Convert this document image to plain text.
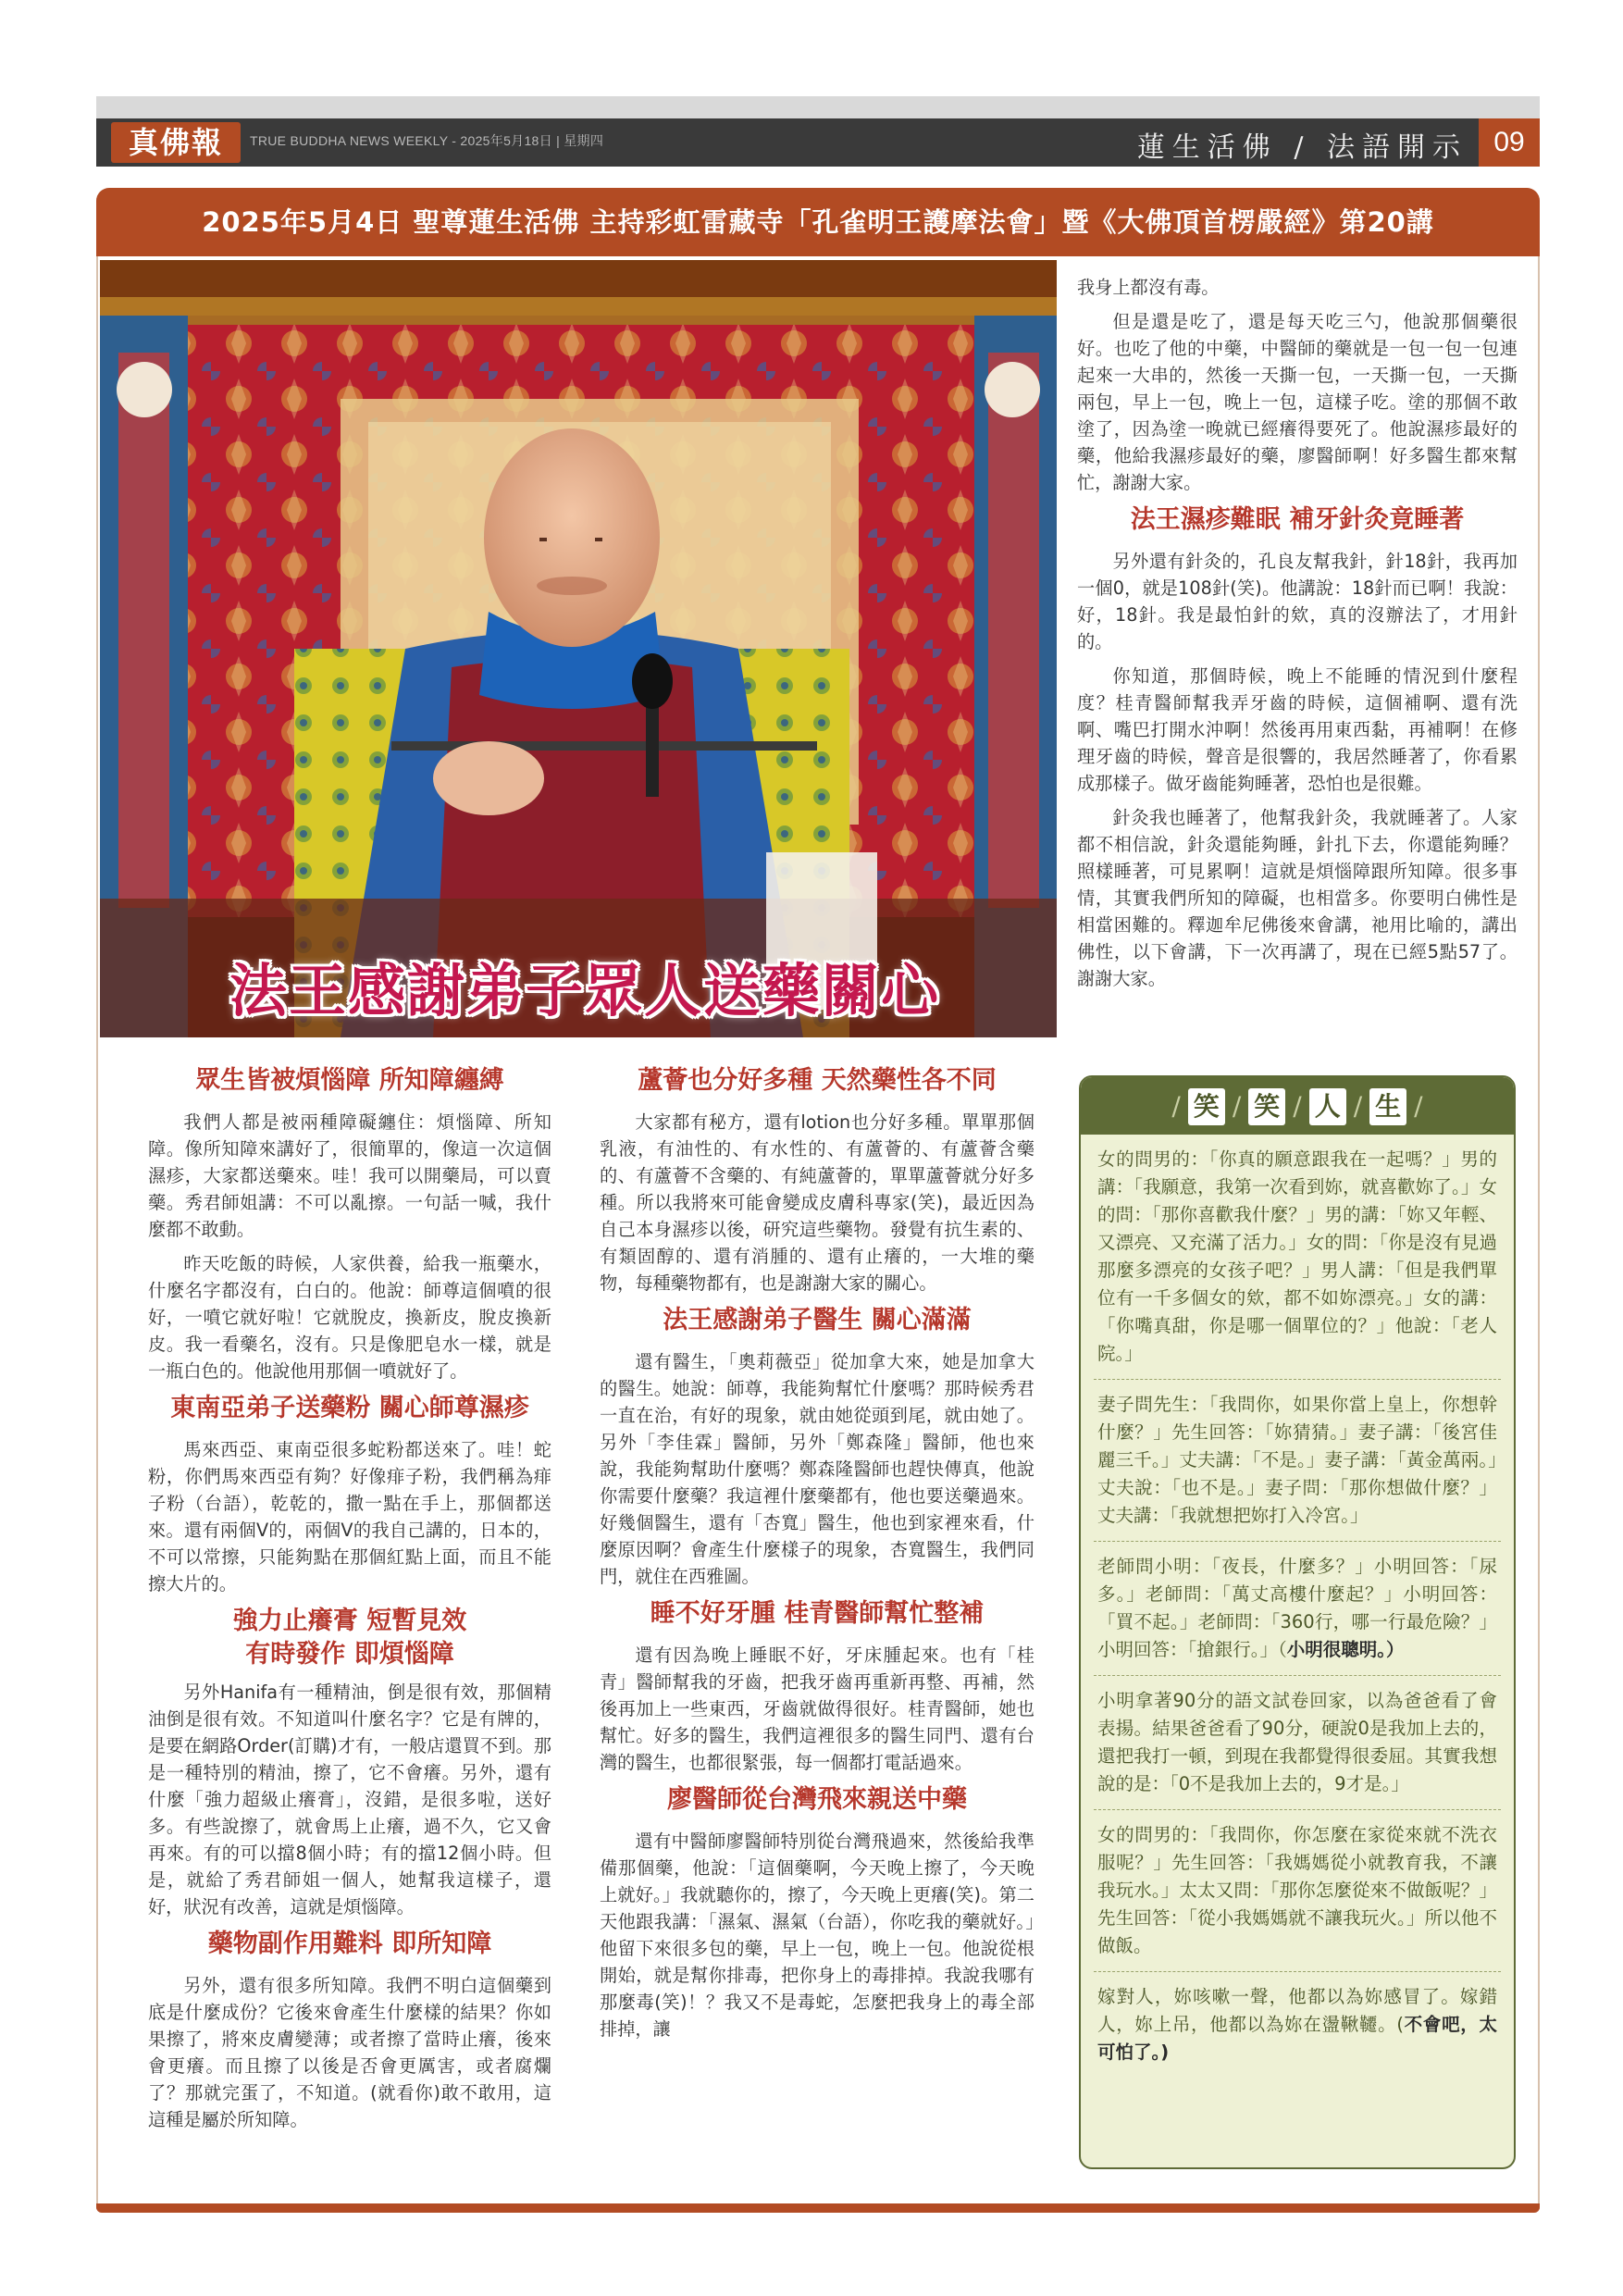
真佛報	TRUE BUDDHA NEWS WEEKLY - 2025年5月18日 | 星期四	蓮生活佛 / 法語開示 09
2025年5月4日 聖尊蓮生活佛 主持彩虹雷藏寺「孔雀明王護摩法會」暨《大佛頂首楞嚴經》第20講
法王感謝弟子眾人送藥關心
眾生皆被煩惱障 所知障纏縛

我們人都是被兩種障礙纏住：煩惱障、所知障。像所知障來講好了，很簡單的，像這一次這個濕疹，大家都送藥來。哇！我可以開藥局，可以賣藥。秀君師姐講：不可以亂擦。一句話一喊，我什麼都不敢動。

昨天吃飯的時候，人家供養，給我一瓶藥水，什麼名字都沒有，白白的。他說：師尊這個噴的很好，一噴它就好啦！它就脫皮，換新皮，脫皮換新皮。我一看藥名，沒有。只是像肥皂水一樣，就是一瓶白色的。他說他用那個一噴就好了。

東南亞弟子送藥粉 關心師尊濕疹

馬來西亞、東南亞很多蛇粉都送來了。哇！蛇粉，你們馬來西亞有夠？好像痱子粉，我們稱為痱子粉（台語），乾乾的，撒一點在手上，那個都送來。還有兩個V的，兩個V的我自己講的，日本的，不可以常擦，只能夠點在那個紅點上面，而且不能擦大片的。

強力止癢膏 短暫見效
有時發作 即煩惱障

另外Hanifa有一種精油，倒是很有效，那個精油倒是很有效。不知道叫什麼名字？它是有牌的，是要在網路Order(訂購)才有，一般店還買不到。那是一種特別的精油，擦了，它不會癢。另外，還有什麼「強力超級止癢膏」，沒錯，是很多啦，送好多。有些說擦了，就會馬上止癢，過不久，它又會再來。有的可以擋8個小時；有的擋12個小時。但是，就給了秀君師姐一個人，她幫我這樣子，還好，狀況有改善，這就是煩惱障。

藥物副作用難料 即所知障

另外，還有很多所知障。我們不明白這個藥到底是什麼成份？它後來會產生什麼樣的結果？你如果擦了，將來皮膚變薄；或者擦了當時止癢，後來會更癢。而且擦了以後是否會更厲害，或者腐爛了？那就完蛋了，不知道。(就看你)敢不敢用，這這種是屬於所知障。

蘆薈也分好多種 天然藥性各不同

大家都有秘方，還有lotion也分好多種。單單那個乳液，有油性的、有水性的、有蘆薈的、有蘆薈含藥的、有蘆薈不含藥的、有純蘆薈的，單單蘆薈就分好多種。所以我將來可能會變成皮膚科專家(笑)，最近因為自己本身濕疹以後，研究這些藥物。發覺有抗生素的、有類固醇的、還有消腫的、還有止癢的，一大堆的藥物，每種藥物都有，也是謝謝大家的關心。

法王感謝弟子醫生 關心滿滿

還有醫生，「奧莉薇亞」從加拿大來，她是加拿大的醫生。她說：師尊，我能夠幫忙什麼嗎？那時候秀君一直在治，有好的現象，就由她從頭到尾，就由她了。另外「李佳霖」醫師，另外「鄭森隆」醫師，他也來說，我能夠幫助什麼嗎？鄭森隆醫師也趕快傳真，他說你需要什麼藥？我這裡什麼藥都有，他也要送藥過來。好幾個醫生，還有「杏寬」醫生，他也到家裡來看，什麼原因啊？會產生什麼樣子的現象，杏寬醫生，我們同門，就住在西雅圖。

睡不好牙腫 桂青醫師幫忙整補

還有因為晚上睡眠不好，牙床腫起來。也有「桂青」醫師幫我的牙齒，把我牙齒再重新再整、再補，然後再加上一些東西，牙齒就做得很好。桂青醫師，她也幫忙。好多的醫生，我們這裡很多的醫生同門、還有台灣的醫生，也都很緊張，每一個都打電話過來。

廖醫師從台灣飛來親送中藥

還有中醫師廖醫師特別從台灣飛過來，然後給我準備那個藥，他說：「這個藥啊，今天晚上擦了，今天晚上就好。」我就聽你的，擦了，今天晚上更癢(笑)。第二天他跟我講：「濕氣、濕氣（台語），你吃我的藥就好。」他留下來很多包的藥，早上一包，晚上一包。他說從根開始，就是幫你排毒，把你身上的毒排掉。我說我哪有那麼毒(笑)！？我又不是毒蛇，怎麼把我身上的毒全部排掉，讓

我身上都沒有毒。

但是還是吃了，還是每天吃三勺，他說那個藥很好。也吃了他的中藥，中醫師的藥就是一包一包一包連起來一大串的，然後一天撕一包，一天撕一包，一天撕兩包，早上一包，晚上一包，這樣子吃。塗的那個不敢塗了，因為塗一晚就已經癢得要死了。他說濕疹最好的藥，他給我濕疹最好的藥，廖醫師啊！好多醫生都來幫忙，謝謝大家。

法王濕疹難眠 補牙針灸竟睡著

另外還有針灸的，孔良友幫我針，針18針，我再加一個0，就是108針(笑)。他講說：18針而已啊！我說：好，18針。我是最怕針的欸，真的沒辦法了，才用針的。

你知道，那個時候，晚上不能睡的情況到什麼程度？桂青醫師幫我弄牙齒的時候，這個補啊、還有洗啊、嘴巴打開水沖啊！然後再用東西黏，再補啊！在修理牙齒的時候，聲音是很響的，我居然睡著了，你看累成那樣子。做牙齒能夠睡著，恐怕也是很難。

針灸我也睡著了，他幫我針灸，我就睡著了。人家都不相信說，針灸還能夠睡，針扎下去，你還能夠睡？照樣睡著，可見累啊！這就是煩惱障跟所知障。很多事情，其實我們所知的障礙，也相當多。你要明白佛性是相當困難的。釋迦牟尼佛後來會講，祂用比喻的，講出佛性，以下會講，下一次再講了，現在已經5點57了。謝謝大家。

/ 笑 / 笑 / 人 / 生 /
女的問男的：「你真的願意跟我在一起嗎？」男的講：「我願意，我第一次看到妳，就喜歡妳了。」女的問：「那你喜歡我什麼？」男的講：「妳又年輕、又漂亮、又充滿了活力。」女的問：「你是沒有見過那麼多漂亮的女孩子吧？」男人講：「但是我們單位有一千多個女的欸，都不如妳漂亮。」女的講：「你嘴真甜，你是哪一個單位的？」他說：「老人院。」
妻子問先生：「我問你，如果你當上皇上，你想幹什麼？」先生回答：「妳猜猜。」妻子講：「後宮佳麗三千。」丈夫講：「不是。」妻子講：「黃金萬兩。」丈夫說：「也不是。」妻子問：「那你想做什麼？」丈夫講：「我就想把妳打入冷宮。」
老師問小明：「夜長，什麼多？」小明回答：「尿多。」老師問：「萬丈高樓什麼起？」小明回答：「買不起。」老師問：「360行，哪一行最危險？」小明回答：「搶銀行。」（小明很聰明。）
小明拿著90分的語文試卷回家，以為爸爸看了會表揚。結果爸爸看了90分，硬說0是我加上去的，還把我打一頓，到現在我都覺得很委屈。其實我想說的是：「0不是我加上去的，9才是。」
女的問男的：「我問你，你怎麼在家從來就不洗衣服呢？」先生回答：「我媽媽從小就教育我，不讓我玩水。」太太又問：「那你怎麼從來不做飯呢？」先生回答：「從小我媽媽就不讓我玩火。」所以他不做飯。
嫁對人，妳咳嗽一聲，他都以為妳感冒了。嫁錯人，妳上吊，他都以為妳在盪鞦韆。(不會吧，太可怕了。)
